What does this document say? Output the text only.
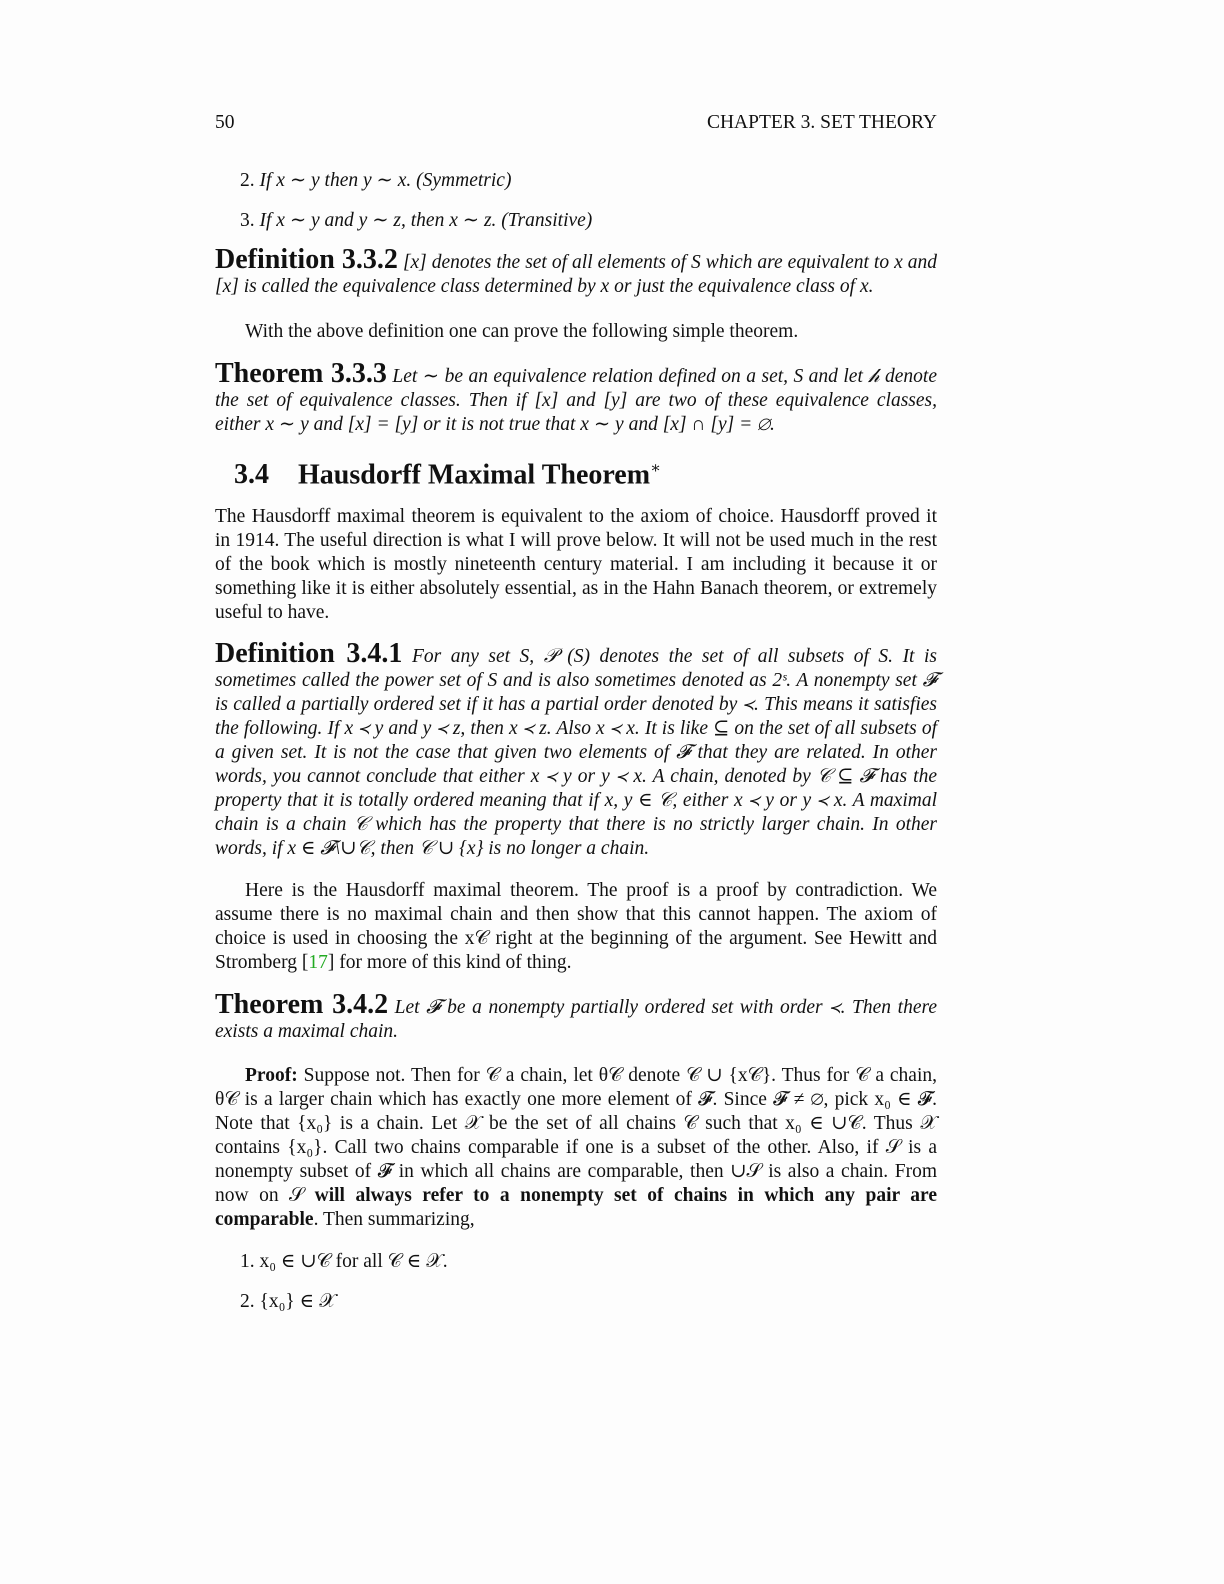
50	CHAPTER 3. SET THEORY
2. If x ∼ y then y ∼ x. (Symmetric)
3. If x ∼ y and y ∼ z, then x ∼ z. (Transitive)
Definition 3.3.2 [x] denotes the set of all elements of S which are equivalent to x and [x] is called the equivalence class determined by x or just the equivalence class of x.
With the above definition one can prove the following simple theorem.
Theorem 3.3.3 Let ∼ be an equivalence relation defined on a set, S and let 𝒽 denote the set of equivalence classes. Then if [x] and [y] are two of these equivalence classes, either x ∼ y and [x] = [y] or it is not true that x ∼ y and [x] ∩ [y] = ∅.
3.4 Hausdorff Maximal Theorem∗
The Hausdorff maximal theorem is equivalent to the axiom of choice. Hausdorff proved it in 1914. The useful direction is what I will prove below. It will not be used much in the rest of the book which is mostly nineteenth century material. I am including it because it or something like it is either absolutely essential, as in the Hahn Banach theorem, or extremely useful to have.
Definition 3.4.1 For any set S, 𝒫 (S) denotes the set of all subsets of S. It is sometimes called the power set of S and is also sometimes denoted as 2ˢ. A nonempty set 𝓕 is called a partially ordered set if it has a partial order denoted by ≺. This means it satisfies the following. If x ≺ y and y ≺ z, then x ≺ z. Also x ≺ x. It is like ⊆ on the set of all subsets of a given set. It is not the case that given two elements of 𝓕 that they are related. In other words, you cannot conclude that either x ≺ y or y ≺ x. A chain, denoted by 𝒞 ⊆ 𝓕 has the property that it is totally ordered meaning that if x, y ∈ 𝒞, either x ≺ y or y ≺ x. A maximal chain is a chain 𝒞 which has the property that there is no strictly larger chain. In other words, if x ∈ 𝓕\∪𝒞, then 𝒞 ∪ {x} is no longer a chain.
Here is the Hausdorff maximal theorem. The proof is a proof by contradiction. We assume there is no maximal chain and then show that this cannot happen. The axiom of choice is used in choosing the x𝒞 right at the beginning of the argument. See Hewitt and Stromberg [17] for more of this kind of thing.
Theorem 3.4.2 Let 𝓕 be a nonempty partially ordered set with order ≺. Then there exists a maximal chain.
Proof: Suppose not. Then for 𝒞 a chain, let θ𝒞 denote 𝒞 ∪ {x𝒞}. Thus for 𝒞 a chain, θ𝒞 is a larger chain which has exactly one more element of 𝓕. Since 𝓕 ≠ ∅, pick x₀ ∈ 𝓕. Note that {x₀} is a chain. Let 𝒳 be the set of all chains 𝒞 such that x₀ ∈ ∪𝒞. Thus 𝒳 contains {x₀}. Call two chains comparable if one is a subset of the other. Also, if 𝒮 is a nonempty subset of 𝓕 in which all chains are comparable, then ∪𝒮 is also a chain. From now on 𝒮 will always refer to a nonempty set of chains in which any pair are comparable. Then summarizing,
1. x₀ ∈ ∪𝒞 for all 𝒞 ∈ 𝒳.
2. {x₀} ∈ 𝒳
